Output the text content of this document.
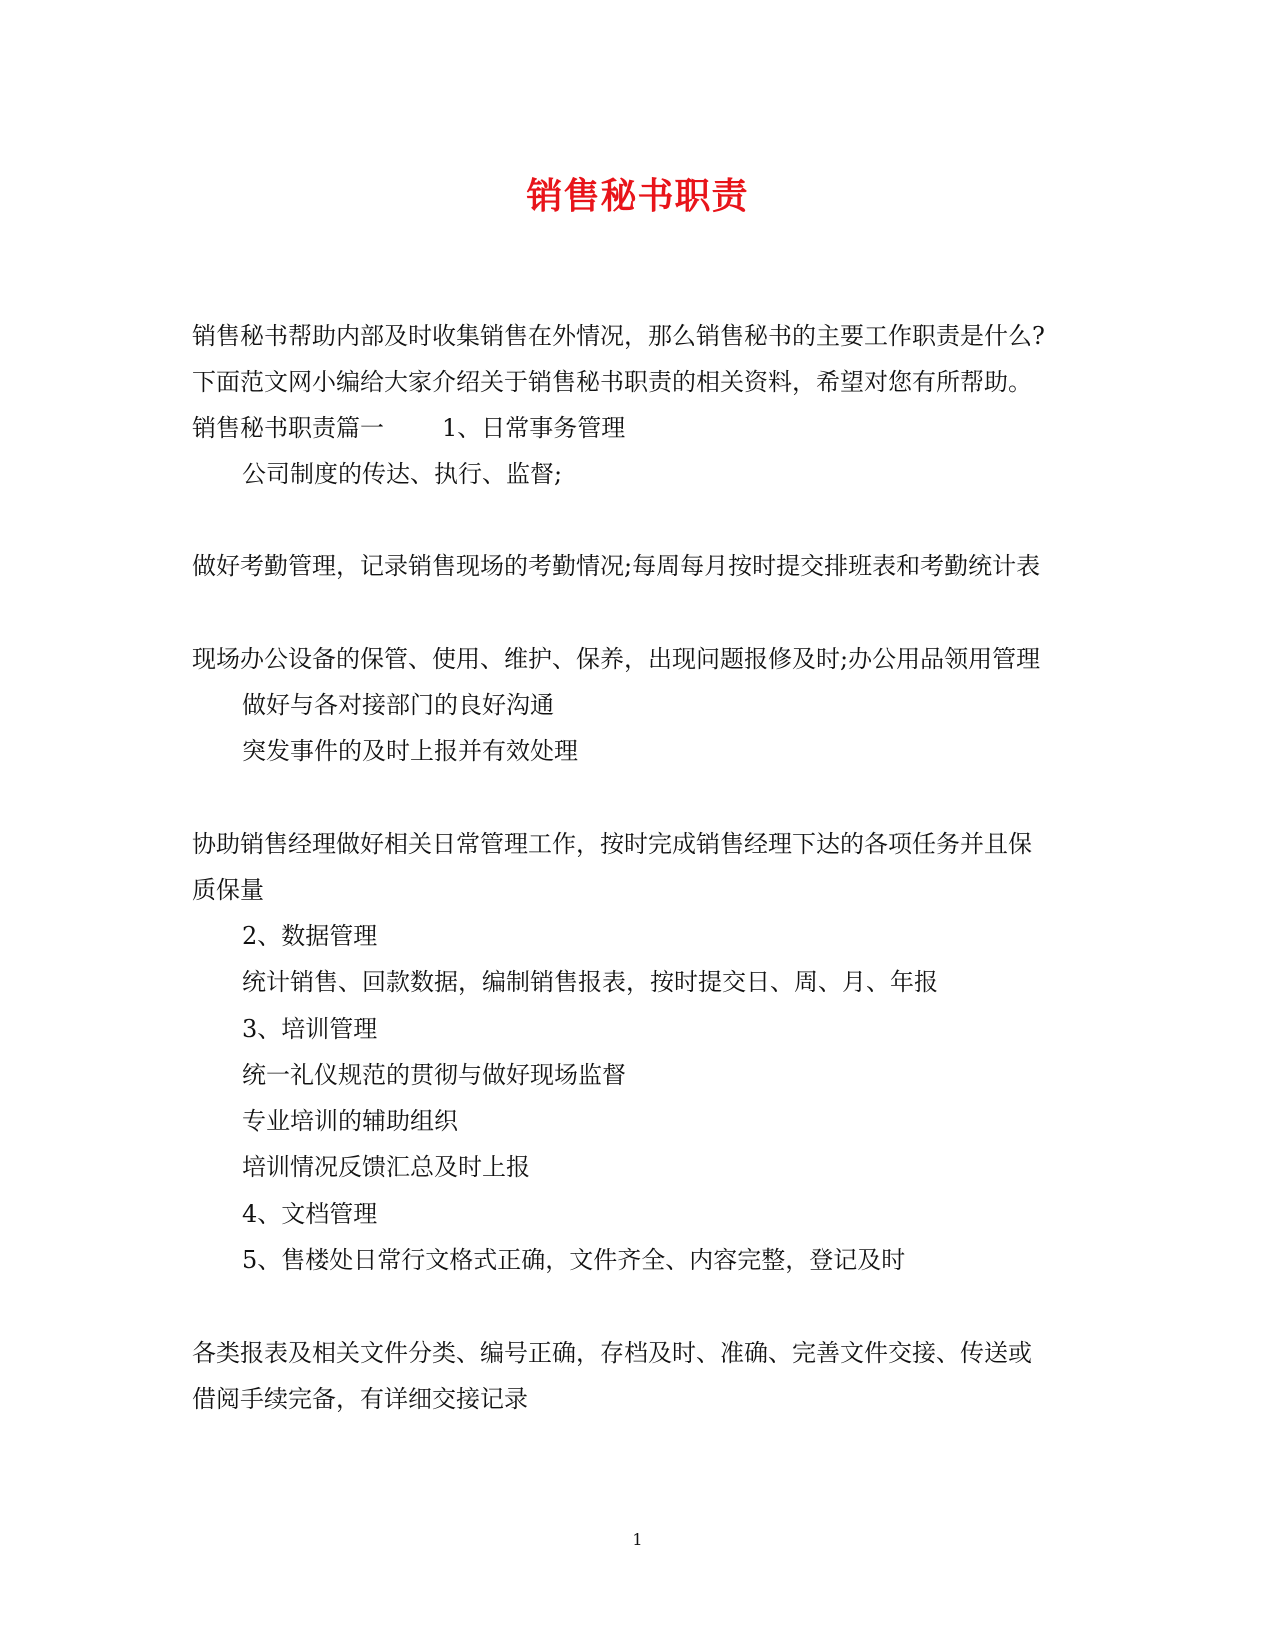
销售秘书职责
销售秘书帮助内部及时收集销售在外情况，那么销售秘书的主要工作职责是什么?
下面范文网小编给大家介绍关于销售秘书职责的相关资料，希望对您有所帮助。
销售秘书职责篇一 1、日常事务管理
公司制度的传达、执行、监督;
做好考勤管理，记录销售现场的考勤情况;每周每月按时提交排班表和考勤统计表
现场办公设备的保管、使用、维护、保养，出现问题报修及时;办公用品领用管理
做好与各对接部门的良好沟通
突发事件的及时上报并有效处理
协助销售经理做好相关日常管理工作，按时完成销售经理下达的各项任务并且保
质保量
2、数据管理
统计销售、回款数据，编制销售报表，按时提交日、周、月、年报
3、培训管理
统一礼仪规范的贯彻与做好现场监督
专业培训的辅助组织
培训情况反馈汇总及时上报
4、文档管理
5、售楼处日常行文格式正确，文件齐全、内容完整，登记及时
各类报表及相关文件分类、编号正确，存档及时、准确、完善文件交接、传送或
借阅手续完备，有详细交接记录
1
